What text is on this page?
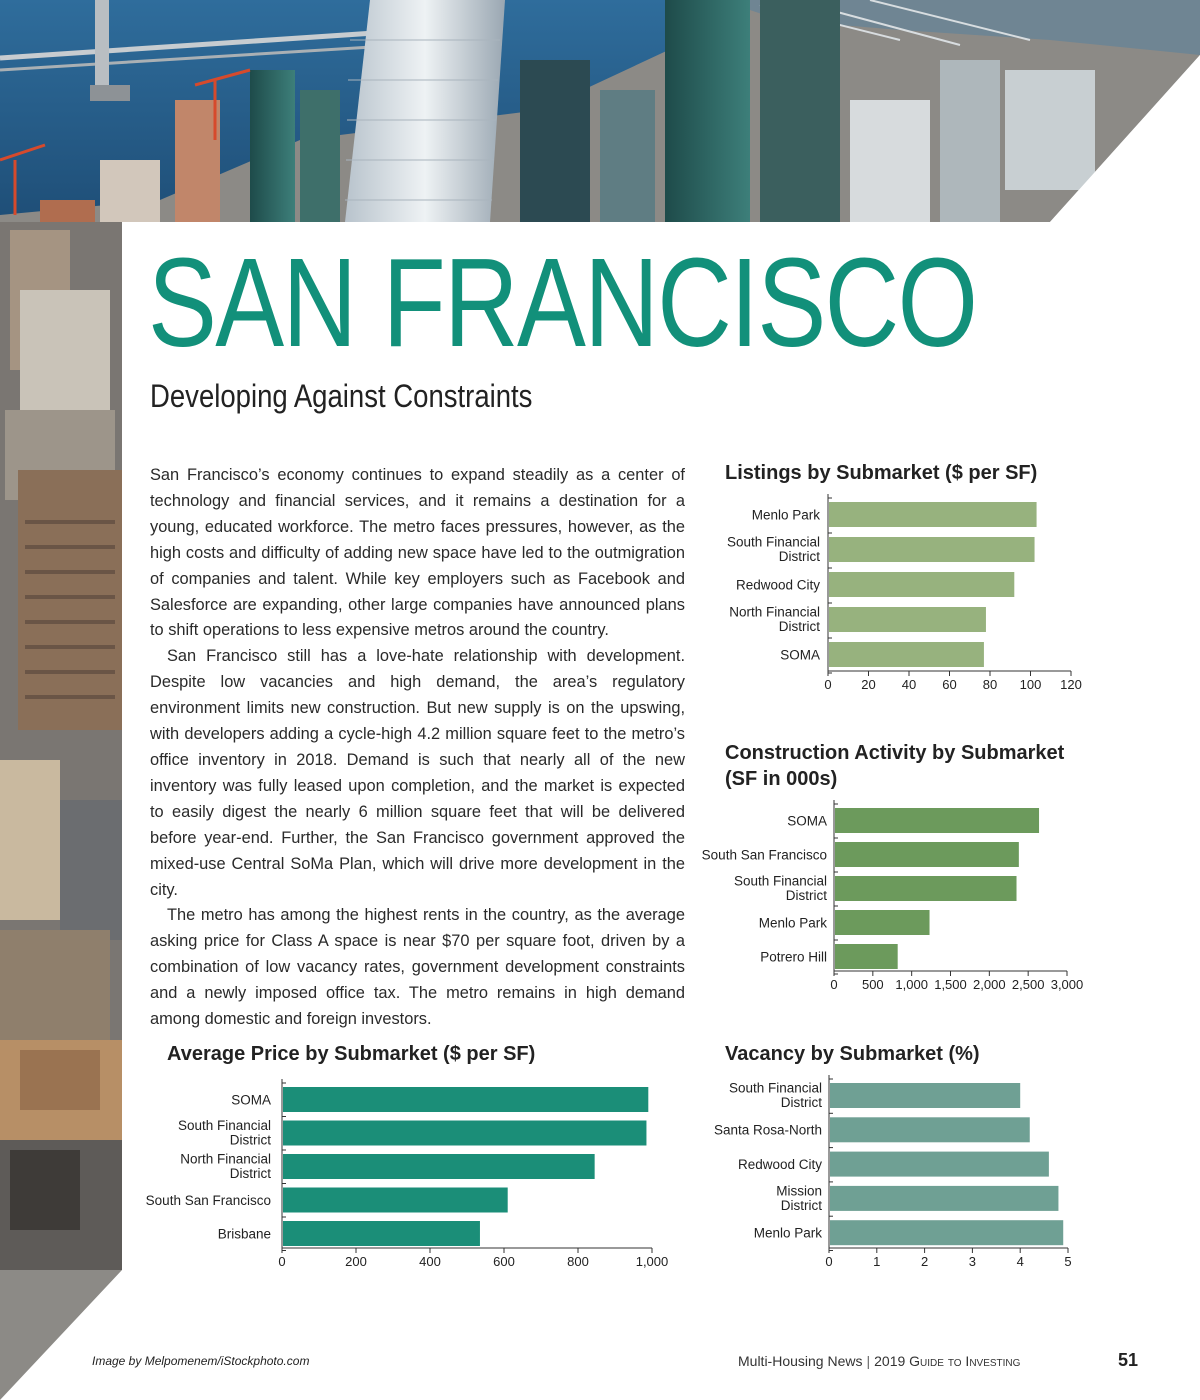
SAN FRANCISCO
Developing Against Constraints

San Francisco’s economy continues to expand steadily as a center of technology and financial services, and it remains a destination for a young, educated workforce. The metro faces pressures, however, as the high costs and difficulty of adding new space have led to the outmigration of companies and talent. While key employers such as Facebook and Salesforce are expanding, other large companies have announced plans to shift operations to less expensive metros around the country.

San Francisco still has a love-hate relationship with development. Despite low vacancies and high demand, the area’s regulatory environment limits new construction. But new supply is on the upswing, with developers adding a cycle-high 4.2 million square feet to the metro’s office inventory in 2018. Demand is such that nearly all of the new inventory was fully leased upon completion, and the market is expected to easily digest the nearly 6 million square feet that will be delivered before year-end. Further, the San Francisco government approved the mixed-use Central SoMa Plan, which will drive more development in the city.

The metro has among the highest rents in the country, as the average asking price for Class A space is near $70 per square foot, driven by a combination of low vacancy rates, government development constraints and a newly imposed office tax. The metro remains in high demand among domestic and foreign investors.

Listings by Submarket ($ per SF)
Menlo Park
South Financial District
Redwood City
North Financial District
SOMA
0 20 40 60 80 100 120
Construction Activity by Submarket (SF in 000s)
SOMA
South San Francisco
South Financial District
Menlo Park
Potrero Hill
0 500 1,000 1,500 2,000 2,500 3,000
Average Price by Submarket ($ per SF)
SOMA
South Financial District
North Financial District
South San Francisco
Brisbane
0	200	400	600	800	1,000
Vacancy by Submarket (%)
South Financial District
Santa Rosa-North
Redwood City
Mission District
Menlo Park
0	1	2	3	4	5
Image by Melpomenem/iStockphoto.com	Multi-Housing News | 2019 Guide to Investing	51
